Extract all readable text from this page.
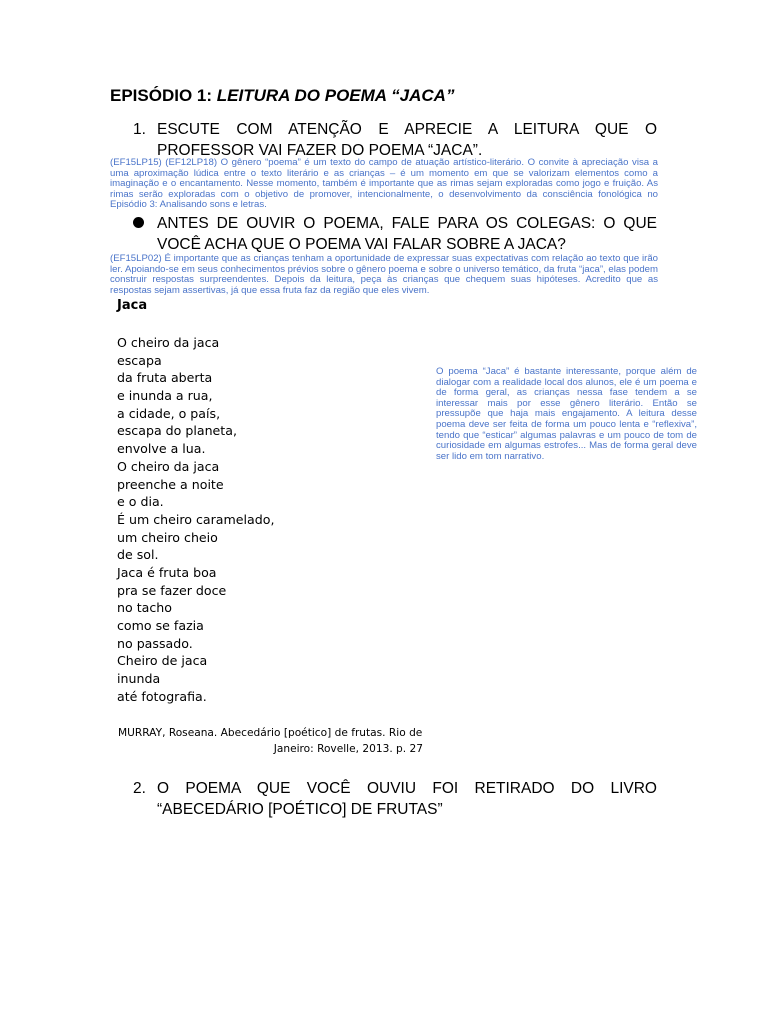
EPISÓDIO 1: LEITURA DO POEMA “JACA”
1. ESCUTE COM ATENÇÃO E APRECIE A LEITURA QUE O PROFESSOR VAI FAZER DO POEMA “JACA”.
(EF15LP15) (EF12LP18) O gênero “poema” é um texto do campo de atuação artístico-literário. O convite à apreciação visa a uma aproximação lúdica entre o texto literário e as crianças – é um momento em que se valorizam elementos como a imaginação e o encantamento. Nesse momento, também é importante que as rimas sejam exploradas como jogo e fruição. As rimas serão exploradas com o objetivo de promover, intencionalmente, o desenvolvimento da consciência fonológica no Episódio 3: Analisando sons e letras.
ANTES DE OUVIR O POEMA, FALE PARA OS COLEGAS: O QUE VOCÊ ACHA QUE O POEMA VAI FALAR SOBRE A JACA?
(EF15LP02) É importante que as crianças tenham a oportunidade de expressar suas expectativas com relação ao texto que irão ler. Apoiando-se em seus conhecimentos prévios sobre o gênero poema e sobre o universo temático, da fruta “jaca”, elas podem construir respostas surpreendentes. Depois da leitura, peça às crianças que chequem suas hipóteses. Acredito que as respostas sejam assertivas, já que essa fruta faz da região que eles vivem.
Jaca
O cheiro da jaca
escapa
da fruta aberta
e inunda a rua,
a cidade, o país,
escapa do planeta,
envolve a lua.
O cheiro da jaca
preenche a noite
e o dia.
É um cheiro caramelado,
um cheiro cheio
de sol.
Jaca é fruta boa
pra se fazer doce
no tacho
como se fazia
no passado.
Cheiro de jaca
inunda
até fotografia.
O poema “Jaca” é bastante interessante, porque além de dialogar com a realidade local dos alunos, ele é um poema e de forma geral, as crianças nessa fase tendem a se interessar mais por esse gênero literário. Então se pressupõe que haja mais engajamento. A leitura desse poema deve ser feita de forma um pouco lenta e “reflexiva”, tendo que “esticar” algumas palavras e um pouco de tom de curiosidade em algumas estrofes... Mas de forma geral deve ser lido em tom narrativo.
MURRAY, Roseana. Abecedário [poético] de frutas. Rio de
Janeiro: Rovelle, 2013. p. 27
2. O POEMA QUE VOCÊ OUVIU FOI RETIRADO DO LIVRO “ABECEDÁRIO [POÉTICO] DE FRUTAS”
